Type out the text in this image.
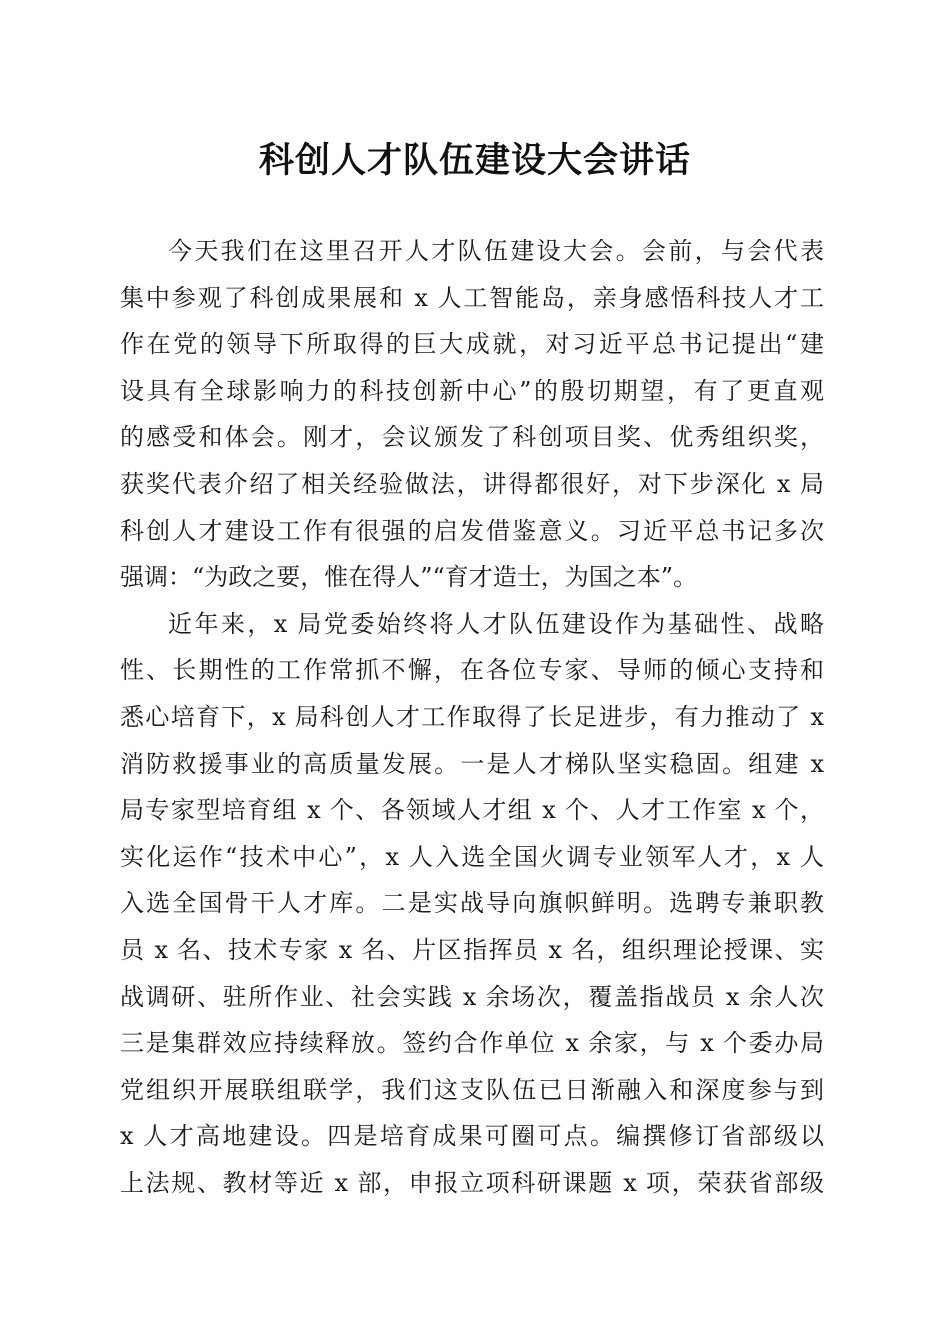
科创人才队伍建设大会讲话
今天我们在这里召开人才队伍建设大会。会前，与会代表
集中参观了科创成果展和 x 人工智能岛，亲身感悟科技人才工
作在党的领导下所取得的巨大成就，对习近平总书记提出“建
设具有全球影响力的科技创新中心”的殷切期望，有了更直观
的感受和体会。刚才，会议颁发了科创项目奖、优秀组织奖，
获奖代表介绍了相关经验做法，讲得都很好，对下步深化 x 局
科创人才建设工作有很强的启发借鉴意义。习近平总书记多次
强调：“为政之要，惟在得人”“育才造士，为国之本”。
近年来，x 局党委始终将人才队伍建设作为基础性、战略
性、长期性的工作常抓不懈，在各位专家、导师的倾心支持和
悉心培育下，x 局科创人才工作取得了长足进步，有力推动了 x
消防救援事业的高质量发展。一是人才梯队坚实稳固。组建 x
局专家型培育组 x 个、各领域人才组 x 个、人才工作室 x 个，
实化运作“技术中心”，x 人入选全国火调专业领军人才，x 人
入选全国骨干人才库。二是实战导向旗帜鲜明。选聘专兼职教
员 x 名、技术专家 x 名、片区指挥员 x 名，组织理论授课、实
战调研、驻所作业、社会实践 x 余场次，覆盖指战员 x 余人次
三是集群效应持续释放。签约合作单位 x 余家，与 x 个委办局
党组织开展联组联学，我们这支队伍已日渐融入和深度参与到
x 人才高地建设。四是培育成果可圈可点。编撰修订省部级以
上法规、教材等近 x 部，申报立项科研课题 x 项，荣获省部级
